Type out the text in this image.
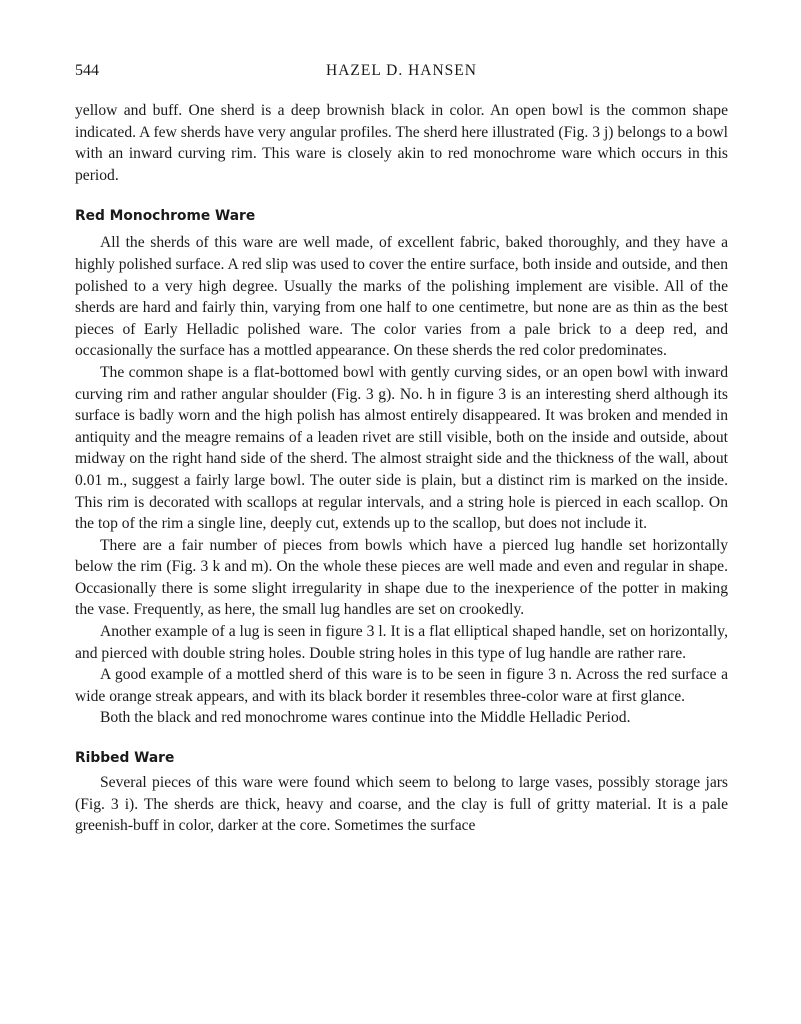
544	HAZEL D. HANSEN

yellow and buff. One sherd is a deep brownish black in color. An open bowl is the common shape indicated. A few sherds have very angular profiles. The sherd here illustrated (Fig. 3 j) belongs to a bowl with an inward curving rim. This ware is closely akin to red monochrome ware which occurs in this period.

Red Monochrome Ware

All the sherds of this ware are well made, of excellent fabric, baked thoroughly, and they have a highly polished surface. A red slip was used to cover the entire surface, both inside and outside, and then polished to a very high degree. Usually the marks of the polishing implement are visible. All of the sherds are hard and fairly thin, varying from one half to one centimetre, but none are as thin as the best pieces of Early Helladic polished ware. The color varies from a pale brick to a deep red, and occasionally the surface has a mottled appearance. On these sherds the red color predominates.

The common shape is a flat-bottomed bowl with gently curving sides, or an open bowl with inward curving rim and rather angular shoulder (Fig. 3 g). No. h in figure 3 is an interesting sherd although its surface is badly worn and the high polish has almost entirely disappeared. It was broken and mended in antiquity and the meagre remains of a leaden rivet are still visible, both on the inside and outside, about midway on the right hand side of the sherd. The almost straight side and the thickness of the wall, about 0.01 m., suggest a fairly large bowl. The outer side is plain, but a distinct rim is marked on the inside. This rim is decorated with scallops at regular intervals, and a string hole is pierced in each scallop. On the top of the rim a single line, deeply cut, extends up to the scallop, but does not include it.

There are a fair number of pieces from bowls which have a pierced lug handle set horizontally below the rim (Fig. 3 k and m). On the whole these pieces are well made and even and regular in shape. Occasionally there is some slight irregularity in shape due to the inexperience of the potter in making the vase. Frequently, as here, the small lug handles are set on crookedly.

Another example of a lug is seen in figure 3 l. It is a flat elliptical shaped handle, set on horizontally, and pierced with double string holes. Double string holes in this type of lug handle are rather rare.

A good example of a mottled sherd of this ware is to be seen in figure 3 n. Across the red surface a wide orange streak appears, and with its black border it resembles three-color ware at first glance.

Both the black and red monochrome wares continue into the Middle Helladic Period.

Ribbed Ware

Several pieces of this ware were found which seem to belong to large vases, possibly storage jars (Fig. 3 i). The sherds are thick, heavy and coarse, and the clay is full of gritty material. It is a pale greenish-buff in color, darker at the core. Sometimes the surface
